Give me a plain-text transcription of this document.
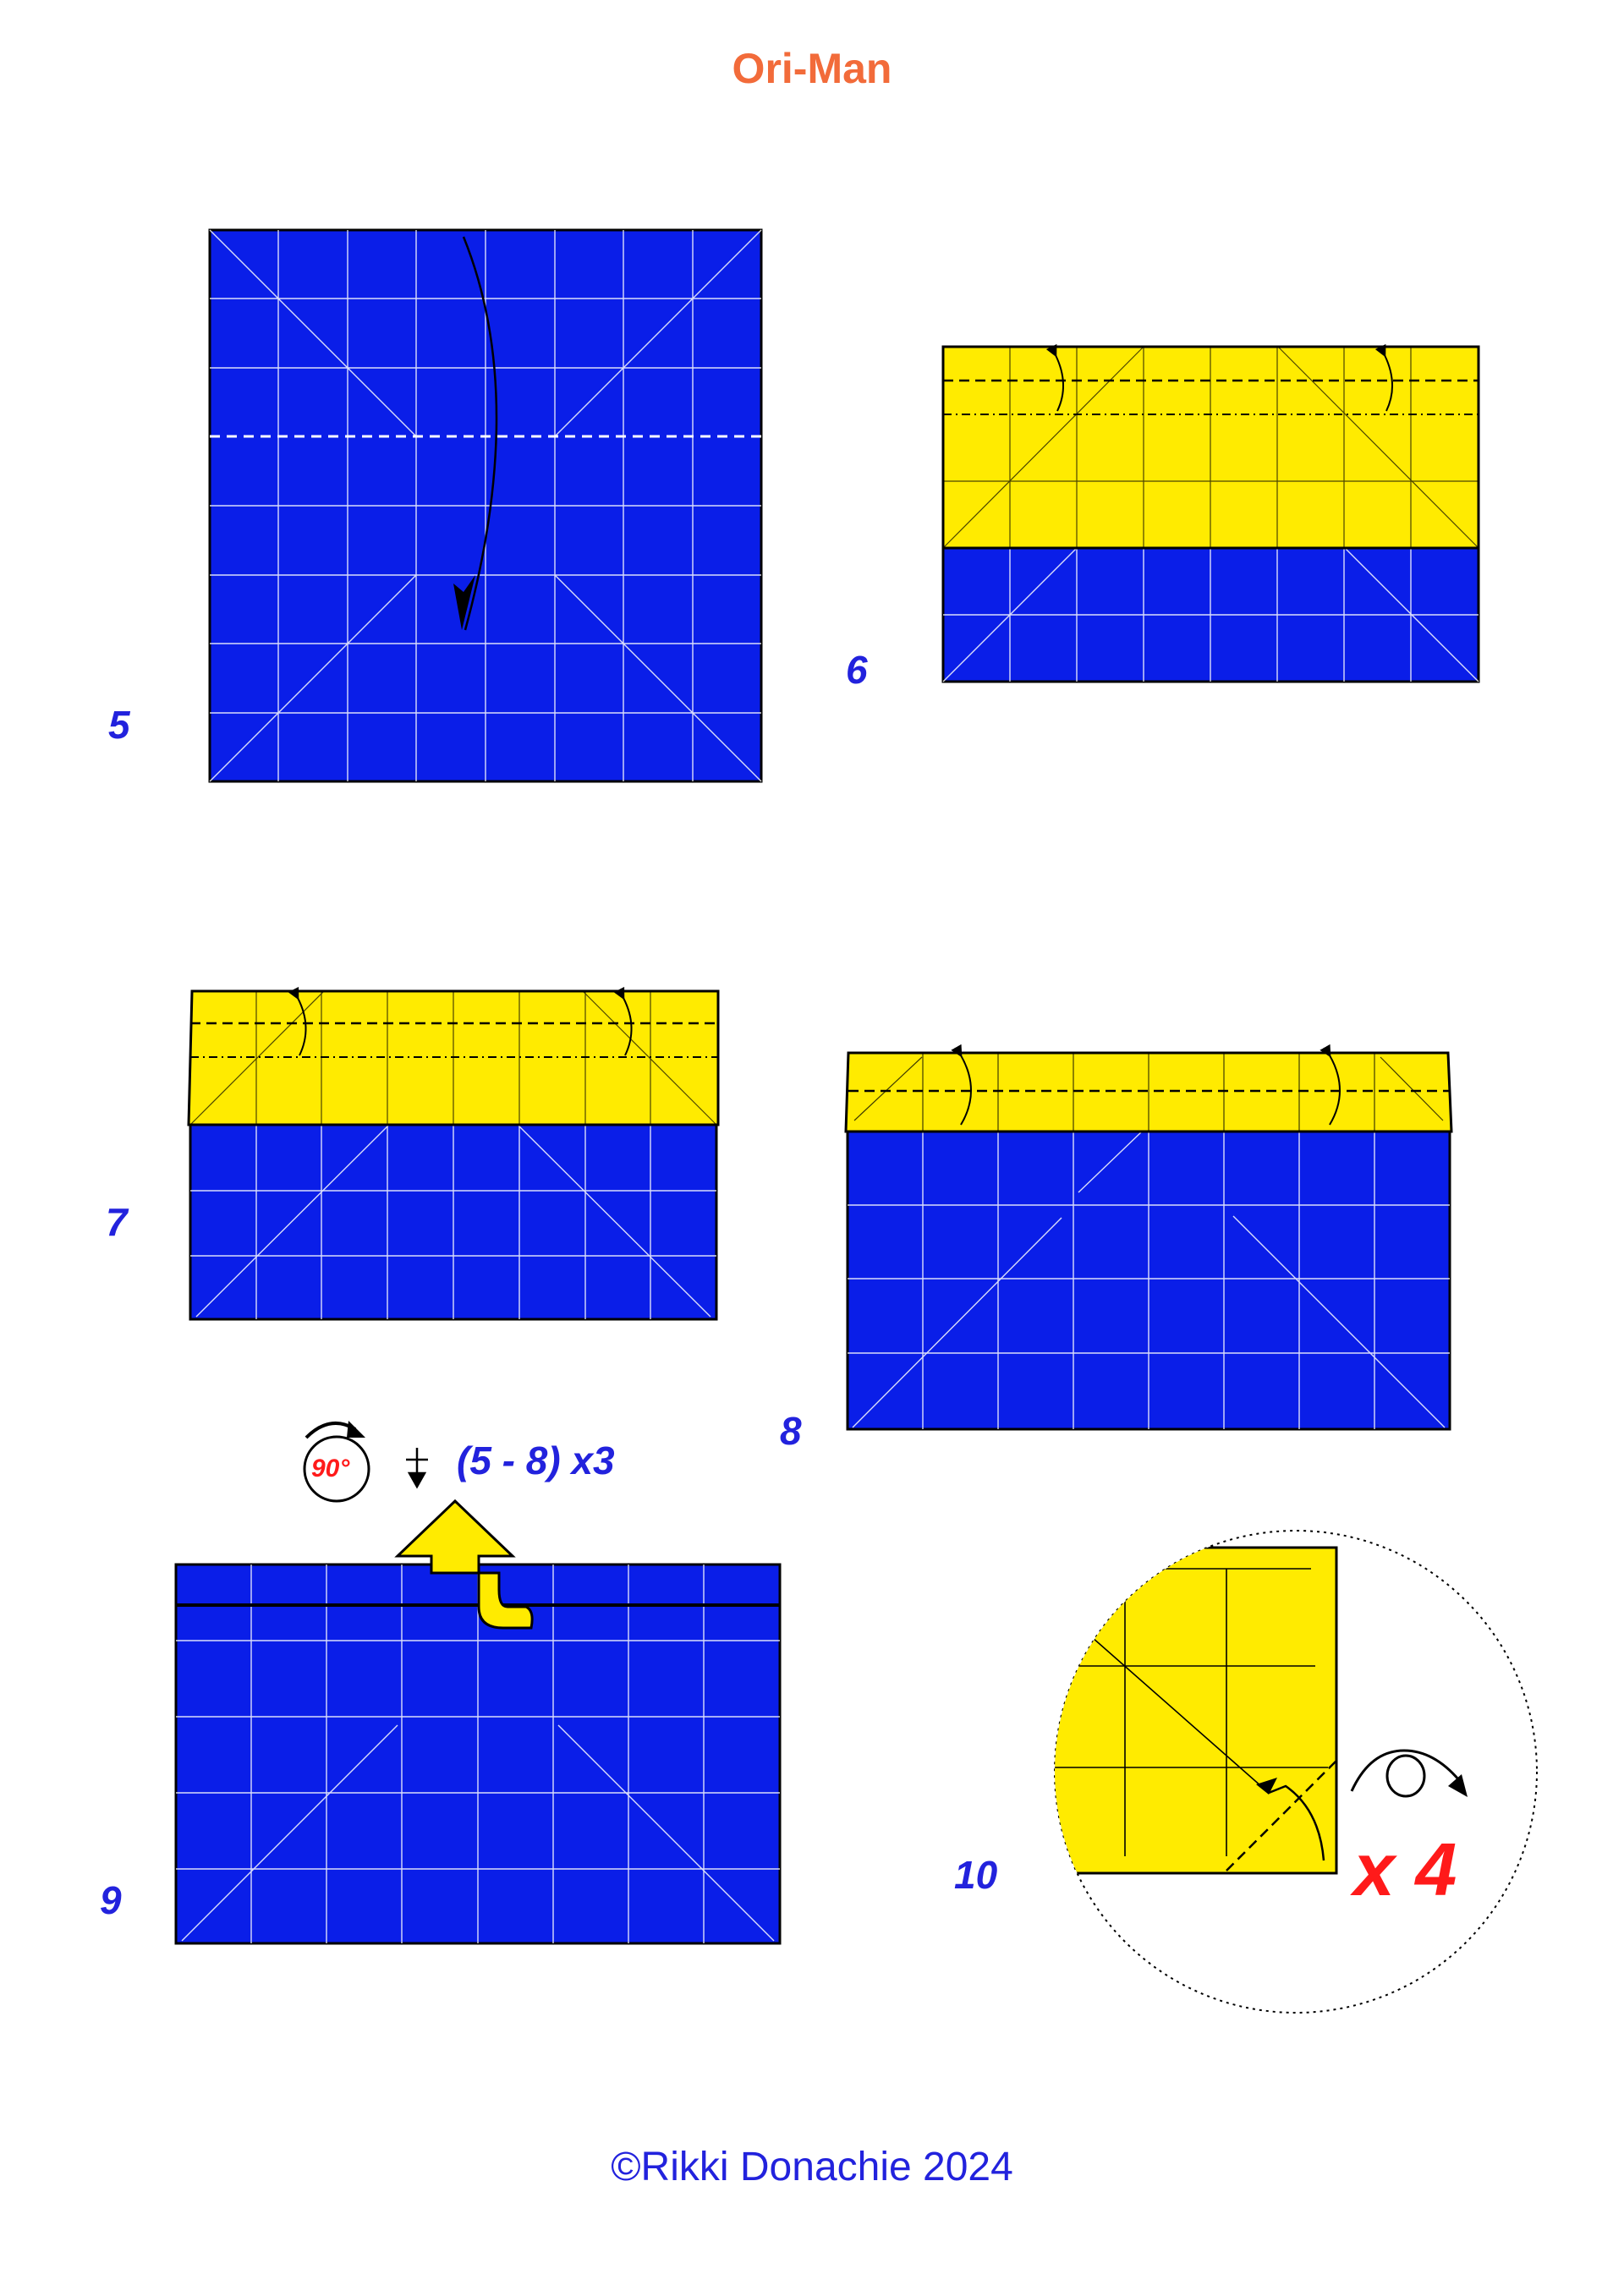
Ori-Man
5
6
7
8
9
10
90°	(5 - 8) x3
x 4
©Rikki Donachie 2024
